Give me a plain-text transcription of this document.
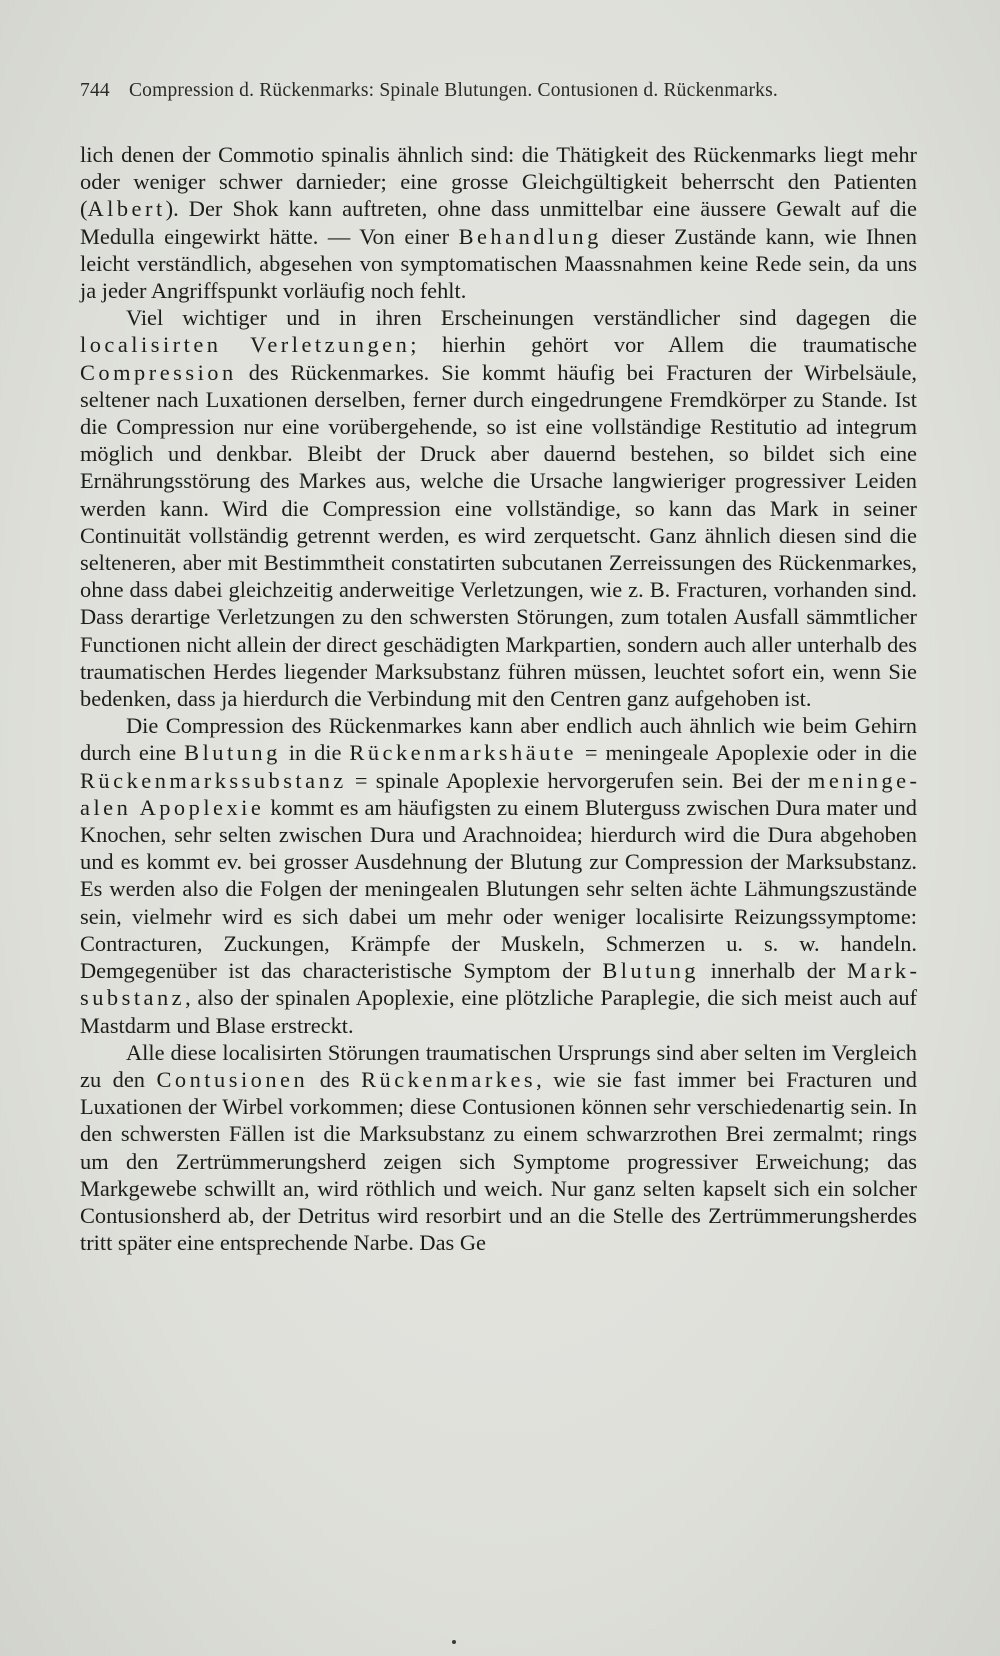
744 Compression d. Rückenmarks: Spinale Blutungen. Contusionen d. Rückenmarks.

lich denen der Commotio spinalis ähnlich sind: die Thätigkeit des Rückenmarks liegt mehr oder weniger schwer darnieder; eine grosse Gleichgültigkeit beherrscht den Patienten (Albert). Der Shok kann auftreten, ohne dass unmittelbar eine äussere Gewalt auf die Medulla eingewirkt hätte. — Von einer Behandlung dieser Zustände kann, wie Ihnen leicht verständlich, abgesehen von symptomatischen Maassnahmen keine Rede sein, da uns ja jeder Angriffspunkt vorläufig noch fehlt.

Viel wichtiger und in ihren Erscheinungen verständlicher sind dagegen die localisirten Verletzungen; hierhin gehört vor Allem die traumatische Compression des Rückenmarkes. Sie kommt häufig bei Fracturen der Wirbelsäule, seltener nach Luxationen derselben, ferner durch eingedrungene Fremdkörper zu Stande. Ist die Compression nur eine vorübergehende, so ist eine vollständige Restitutio ad integrum möglich und denkbar. Bleibt der Druck aber dauernd bestehen, so bildet sich eine Ernährungsstörung des Markes aus, welche die Ursache langwieriger progressiver Leiden werden kann. Wird die Compression eine vollständige, so kann das Mark in seiner Continuität vollständig getrennt werden, es wird zerquetscht. Ganz ähnlich diesen sind die selteneren, aber mit Bestimmtheit constatirten subcutanen Zerreissungen des Rückenmarkes, ohne dass dabei gleichzeitig anderweitige Verletzungen, wie z. B. Fracturen, vorhanden sind. Dass derartige Verletzungen zu den schwersten Störungen, zum totalen Ausfall sämmtlicher Functionen nicht allein der direct geschädigten Markpartien, sondern auch aller unterhalb des traumatischen Herdes liegender Marksubstanz führen müssen, leuchtet sofort ein, wenn Sie bedenken, dass ja hierdurch die Verbindung mit den Centren ganz aufgehoben ist.

Die Compression des Rückenmarkes kann aber endlich auch ähnlich wie beim Gehirn durch eine Blutung in die Rückenmarkshäute = meningeale Apoplexie oder in die Rückenmarkssubstanz = spinale Apoplexie hervorgerufen sein. Bei der meningealen Apoplexie kommt es am häufigsten zu einem Bluterguss zwischen Dura mater und Knochen, sehr selten zwischen Dura und Arachnoidea; hierdurch wird die Dura abgehoben und es kommt ev. bei grosser Ausdehnung der Blutung zur Compression der Marksubstanz. Es werden also die Folgen der meningealen Blutungen sehr selten ächte Lähmungszustände sein, vielmehr wird es sich dabei um mehr oder weniger localisirte Reizungssymptome: Contracturen, Zuckungen, Krämpfe der Muskeln, Schmerzen u. s. w. handeln. Demgegenüber ist das characteristische Symptom der Blutung innerhalb der Marksubstanz, also der spinalen Apoplexie, eine plötzliche Paraplegie, die sich meist auch auf Mastdarm und Blase erstreckt.

Alle diese localisirten Störungen traumatischen Ursprungs sind aber selten im Vergleich zu den Contusionen des Rückenmarkes, wie sie fast immer bei Fracturen und Luxationen der Wirbel vorkommen; diese Contusionen können sehr verschiedenartig sein. In den schwersten Fällen ist die Marksubstanz zu einem schwarzrothen Brei zermalmt; rings um den Zertrümmerungsherd zeigen sich Symptome progressiver Erweichung; das Markgewebe schwillt an, wird röthlich und weich. Nur ganz selten kapselt sich ein solcher Contusionsherd ab, der Detritus wird resorbirt und an die Stelle des Zertrümmerungsherdes tritt später eine entsprechende Narbe. Das Ge
